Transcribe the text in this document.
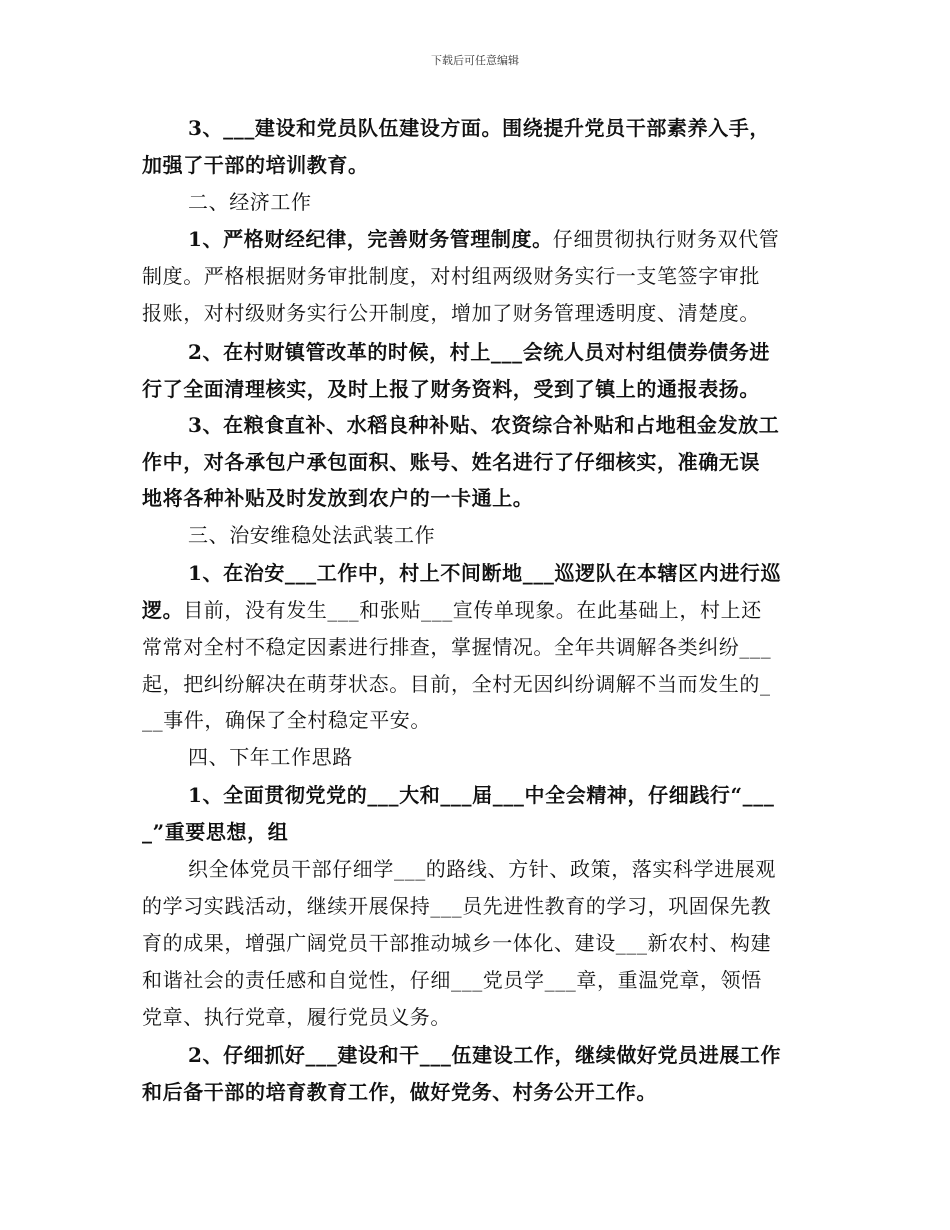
下载后可任意编辑
3、___建设和党员队伍建设方面。围绕提升党员干部素养入手，
加强了干部的培训教育。
二、经济工作
1、严格财经纪律，完善财务管理制度。仔细贯彻执行财务双代管
制度。严格根据财务审批制度，对村组两级财务实行一支笔签字审批
报账，对村级财务实行公开制度，增加了财务管理透明度、清楚度。
2、在村财镇管改革的时候，村上___会统人员对村组债券债务进
行了全面清理核实，及时上报了财务资料，受到了镇上的通报表扬。
3、在粮食直补、水稻良种补贴、农资综合补贴和占地租金发放工
作中，对各承包户承包面积、账号、姓名进行了仔细核实，准确无误
地将各种补贴及时发放到农户的一卡通上。
三、治安维稳处法武装工作
1、在治安___工作中，村上不间断地___巡逻队在本辖区内进行巡
逻。目前，没有发生___和张贴___宣传单现象。在此基础上，村上还
常常对全村不稳定因素进行排查，掌握情况。全年共调解各类纠纷___
起，把纠纷解决在萌芽状态。目前，全村无因纠纷调解不当而发生的_
__事件，确保了全村稳定平安。
四、下年工作思路
1、全面贯彻党党的___大和___届___中全会精神，仔细践行“___
_”重要思想，组
织全体党员干部仔细学___的路线、方针、政策，落实科学进展观
的学习实践活动，继续开展保持___员先进性教育的学习，巩固保先教
育的成果，增强广阔党员干部推动城乡一体化、建设___新农村、构建
和谐社会的责任感和自觉性，仔细___党员学___章，重温党章，领悟
党章、执行党章，履行党员义务。
2、仔细抓好___建设和干___伍建设工作，继续做好党员进展工作
和后备干部的培育教育工作，做好党务、村务公开工作。
